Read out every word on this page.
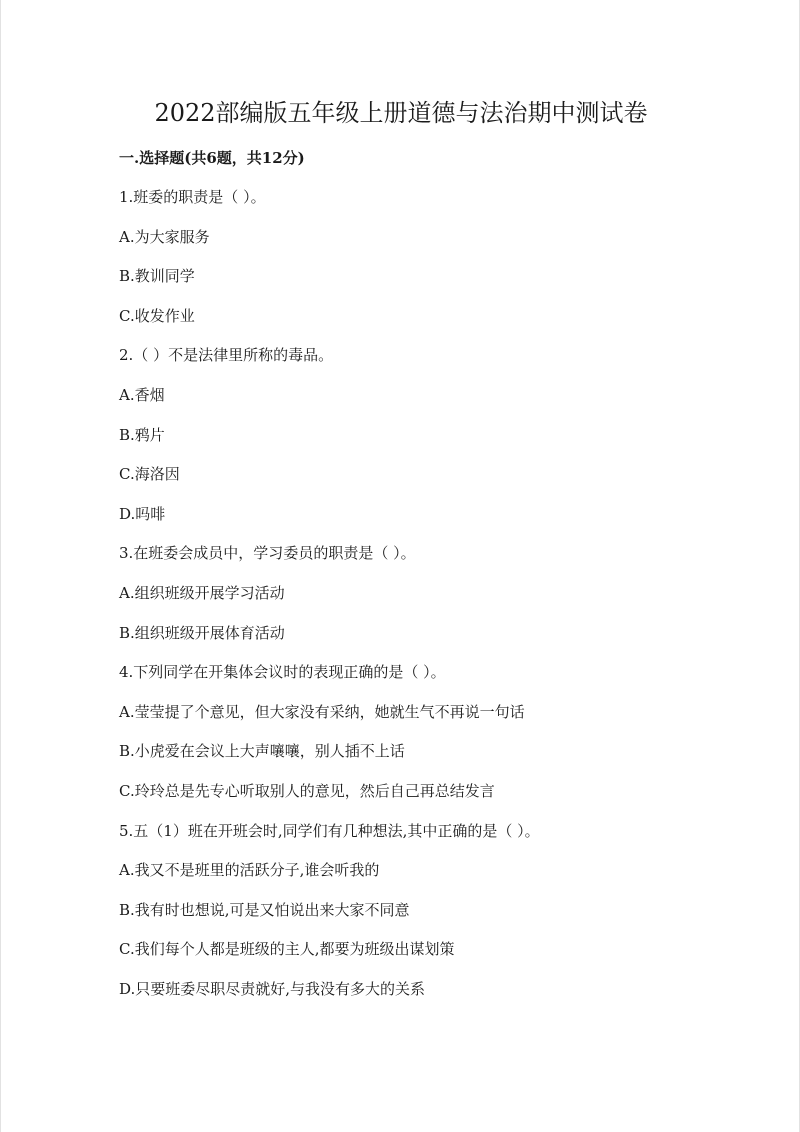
2022部编版五年级上册道德与法治期中测试卷
一.选择题(共6题，共12分)
1.班委的职责是（ ）。
A.为大家服务
B.教训同学
C.收发作业
2.（ ）不是法律里所称的毒品。
A.香烟
B.鸦片
C.海洛因
D.吗啡
3.在班委会成员中，学习委员的职责是（ ）。
A.组织班级开展学习活动
B.组织班级开展体育活动
4.下列同学在开集体会议时的表现正确的是（ ）。
A.莹莹提了个意见，但大家没有采纳，她就生气不再说一句话
B.小虎爱在会议上大声嚷嚷，别人插不上话
C.玲玲总是先专心听取别人的意见，然后自己再总结发言
5.五（1）班在开班会时,同学们有几种想法,其中正确的是（ ）。
A.我又不是班里的活跃分子,谁会听我的
B.我有时也想说,可是又怕说出来大家不同意
C.我们每个人都是班级的主人,都要为班级出谋划策
D.只要班委尽职尽责就好,与我没有多大的关系
